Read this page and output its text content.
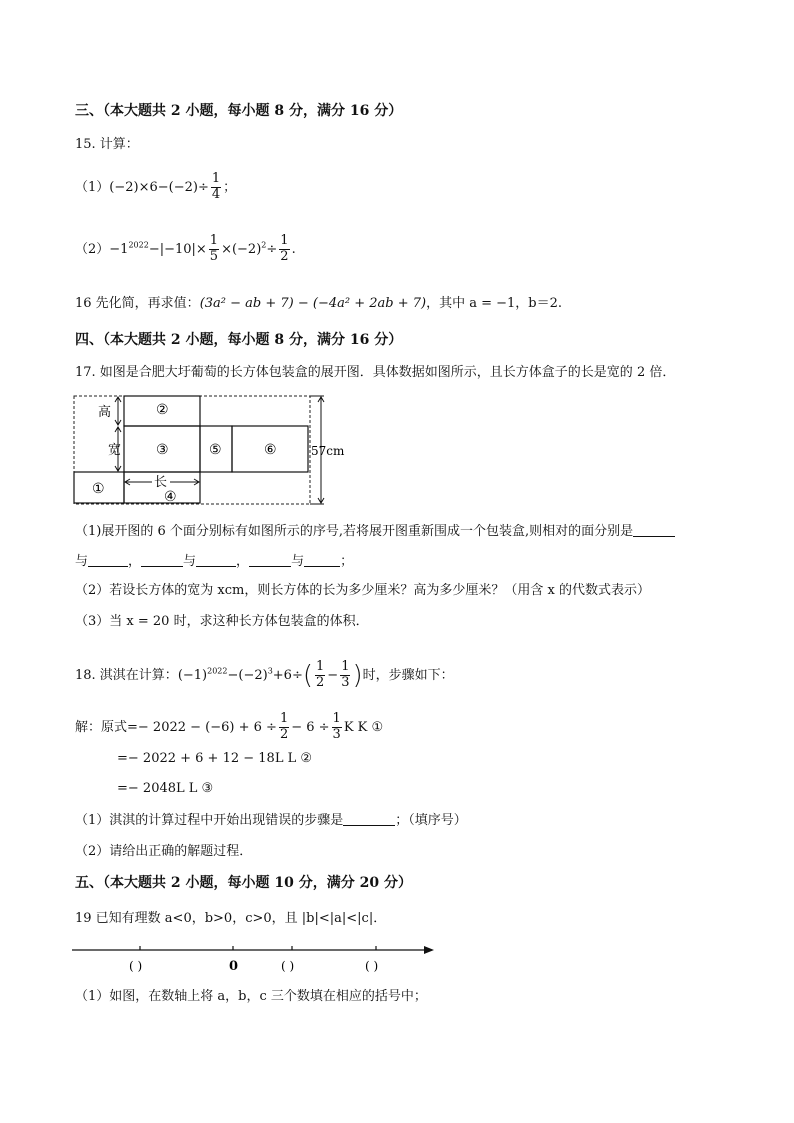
三、（本大题共 2 小题，每小题 8 分，满分 16 分）
15. 计算：
$(1)(-2)\times 6-(-2)\div \frac{1}{4}$ ；
$(2)-1^{2022}-|-10|\times \frac{1}{5} \times(-2)^2\div \frac{1}{2}$ .
16 先化简，再求值：(3a² − ab + 7) − (−4a² + 2ab + 7)，其中 a = −1，b＝2.
四、（本大题共 2 小题，每小题 8 分，满分 16 分）
17. 如图是合肥大圩葡萄的长方体包装盒的展开图．具体数据如图所示，且长方体盒子的长是宽的 2 倍．
高
宽
长
②
③	⑤	⑥
①	④
57cm
（1)展开图的 6 个面分别标有如图所示的序号,若将展开图重新围成一个包装盒,则相对的面分别是
与	，	与	，	与	；
（2）若设长方体的宽为 xcm，则长方体的长为多少厘米？高为多少厘米？（用含 x 的代数式表示）
（3）当 x = 20 时，求这种长方体包装盒的体积．
18. 淇淇在计算：$(-1)^{2022}-(-2)^3+6\div( \frac{1}{2} - \frac{1}{3}$ )时，步骤如下：
解：原式=− $2022 - (-6) + 6 \div \frac{1}{2} - 6 \div \frac{1}{3}$ K K ①
=− 2022 + 6 + 12 − 18L L ②
=− 2048L L ③
（1）淇淇的计算过程中开始出现错误的步骤是	；（填序号）
（2）请给出正确的解题过程．
五、（本大题共 2 小题，每小题 10 分，满分 20 分）
19 已知有理数 a<0，b>0，c>0，且 |b|<|a|<|c|．
( )	0	( )	( )
（1）如图，在数轴上将 a，b，c 三个数填在相应的括号中；
